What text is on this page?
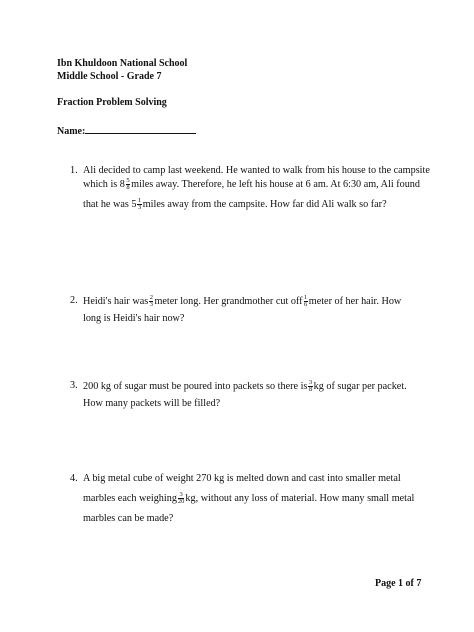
Ibn Khuldoon National School
Middle School - Grade 7
Fraction Problem Solving
Name:
1. Ali decided to camp last weekend. He wanted to walk from his house to the campsite
which is $8 \frac{5}{8}$ miles away. Therefore, he left his house at 6 am. At 6:30 am, Ali found
that he was $5 \frac{1}{3}$ miles away from the campsite. How far did Ali walk so far?
2. Heidi's hair was $\frac{2}{3}$ meter long. Her grandmother cut off $\frac{1}{6}$ meter of her hair. How
long is Heidi's hair now?
3. 200 kg of sugar must be poured into packets so there is $\frac{3}{8}$ kg of sugar per packet.
How many packets will be filled?
4. A big metal cube of weight 270 kg is melted down and cast into smaller metal
marbles each weighing $\frac{3}{20}$ kg, without any loss of material. How many small metal
marbles can be made?
Page 1 of 7
